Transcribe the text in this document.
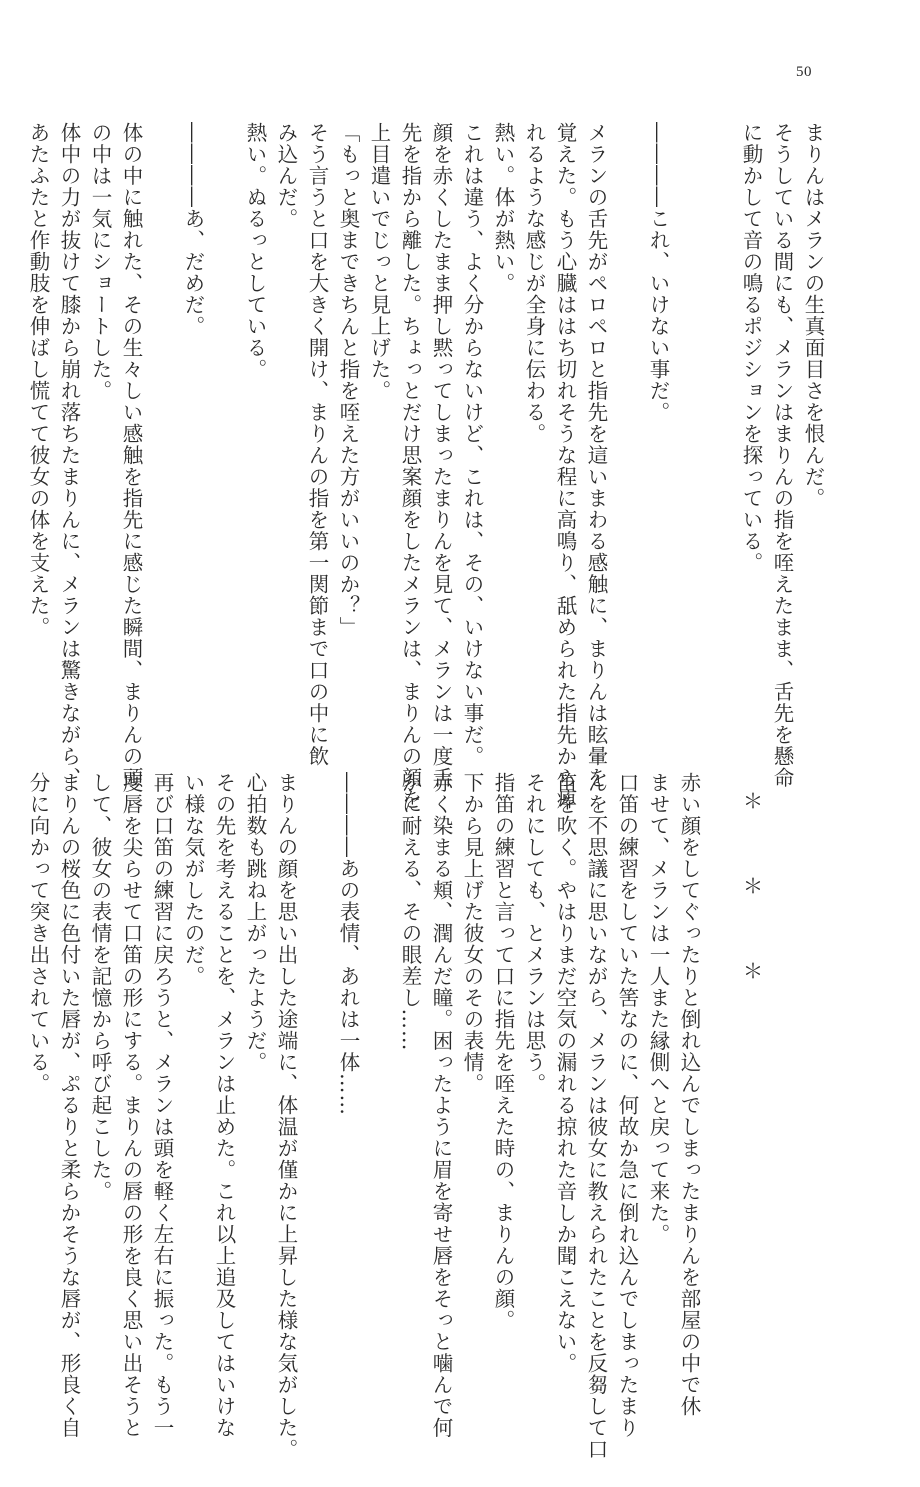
50
まりんはメランの生真面目さを恨んだ。
そうしている間にも、メランはまりんの指を咥えたまま、舌先を懸命
に動かして音の鳴るポジションを探っている。
――――これ、いけない事だ。
メランの舌先がペロペロと指先を這いまわる感触に、まりんは眩暈を
覚えた。もう心臓ははち切れそうな程に高鳴り、舐められた指先から痺
れるような感じが全身に伝わる。
熱い。体が熱い。
これは違う、よく分からないけど、これは、その、いけない事だ。
顔を赤くしたまま押し黙ってしまったまりんを見て、メランは一度舌
先を指から離した。ちょっとだけ思案顔をしたメランは、まりんの顔を
上目遣いでじっと見上げた。
「もっと奥まできちんと指を咥えた方がいいのか？」
そう言うと口を大きく開け、まりんの指を第一関節まで口の中に飲
み込んだ。
熱い。ぬるっとしている。
――――あ、だめだ。
体の中に触れた、その生々しい感触を指先に感じた瞬間、まりんの頭
の中は一気にショートした。
体中の力が抜けて膝から崩れ落ちたまりんに、メランは驚きながら、
あたふたと作動肢を伸ばし慌てて彼女の体を支えた。

＊　＊　＊

赤い顔をしてぐったりと倒れ込んでしまったまりんを部屋の中で休
ませて、メランは一人また縁側へと戻って来た。
口笛の練習をしていた筈なのに、何故か急に倒れ込んでしまったまり
んを不思議に思いながら、メランは彼女に教えられたことを反芻して口
笛を吹く。やはりまだ空気の漏れる掠れた音しか聞こえない。
それにしても、とメランは思う。
指笛の練習と言って口に指先を咥えた時の、まりんの顔。
下から見上げた彼女のその表情。
赤く染まる頬、潤んだ瞳。困ったように眉を寄せ唇をそっと噛んで何
かに耐える、その眼差し……
――――あの表情、あれは一体……
まりんの顔を思い出した途端に、体温が僅かに上昇した様な気がした。
心拍数も跳ね上がったようだ。
その先を考えることを、メランは止めた。これ以上追及してはいけな
い様な気がしたのだ。
再び口笛の練習に戻ろうと、メランは頭を軽く左右に振った。もう一
度唇を尖らせて口笛の形にする。まりんの唇の形を良く思い出そうと
して、彼女の表情を記憶から呼び起こした。
まりんの桜色に色付いた唇が、ぷるりと柔らかそうな唇が、形良く自
分に向かって突き出されている。
